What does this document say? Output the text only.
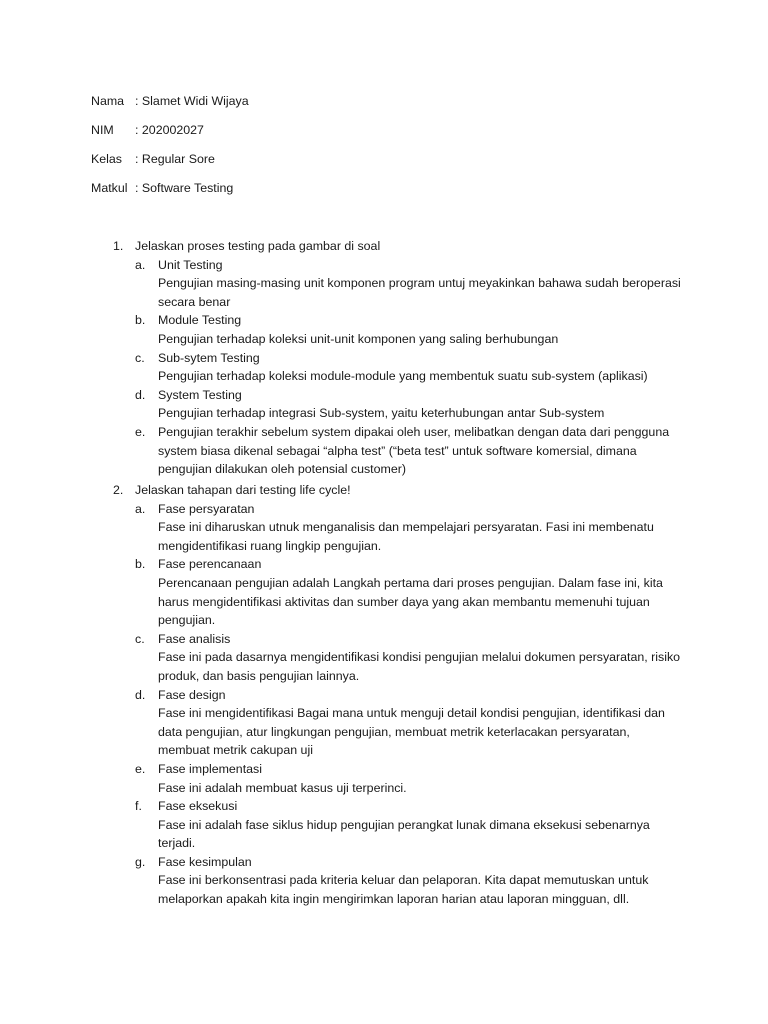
Nama : Slamet Widi Wijaya
NIM : 202002027
Kelas : Regular Sore
Matkul : Software Testing
1. Jelaskan proses testing pada gambar di soal
a.	Unit Testing
Pengujian masing-masing unit komponen program untuj meyakinkan bahawa sudah beroperasi secara benar
b.	Module Testing
Pengujian terhadap koleksi unit-unit komponen yang saling berhubungan
c.	Sub-sytem Testing
Pengujian terhadap koleksi module-module yang membentuk suatu sub-system (aplikasi)
d.	System Testing
Pengujian terhadap integrasi Sub-system, yaitu keterhubungan antar Sub-system
e.	Pengujian terakhir sebelum system dipakai oleh user, melibatkan dengan data dari pengguna system biasa dikenal sebagai “alpha test” (“beta test” untuk software komersial, dimana pengujian dilakukan oleh potensial customer)
2. Jelaskan tahapan dari testing life cycle!
a.	Fase persyaratan
Fase ini diharuskan utnuk menganalisis dan mempelajari persyaratan. Fasi ini membenatu mengidentifikasi ruang lingkip pengujian.
b.	Fase perencanaan
Perencanaan pengujian adalah Langkah pertama dari proses pengujian. Dalam fase ini, kita harus mengidentifikasi aktivitas dan sumber daya yang akan membantu memenuhi tujuan pengujian.
c.	Fase analisis
Fase ini pada dasarnya mengidentifikasi kondisi pengujian melalui dokumen persyaratan, risiko produk, dan basis pengujian lainnya.
d.	Fase design
Fase ini mengidentifikasi Bagai mana untuk menguji detail kondisi pengujian, identifikasi dan data pengujian, atur lingkungan pengujian, membuat metrik keterlacakan persyaratan, membuat metrik cakupan uji
e.	Fase implementasi
Fase ini adalah membuat kasus uji terperinci.
f.	Fase eksekusi
Fase ini adalah fase siklus hidup pengujian perangkat lunak dimana eksekusi sebenarnya terjadi.
g.	Fase kesimpulan
Fase ini berkonsentrasi pada kriteria keluar dan pelaporan. Kita dapat memutuskan untuk melaporkan apakah kita ingin mengirimkan laporan harian atau laporan mingguan, dll.
